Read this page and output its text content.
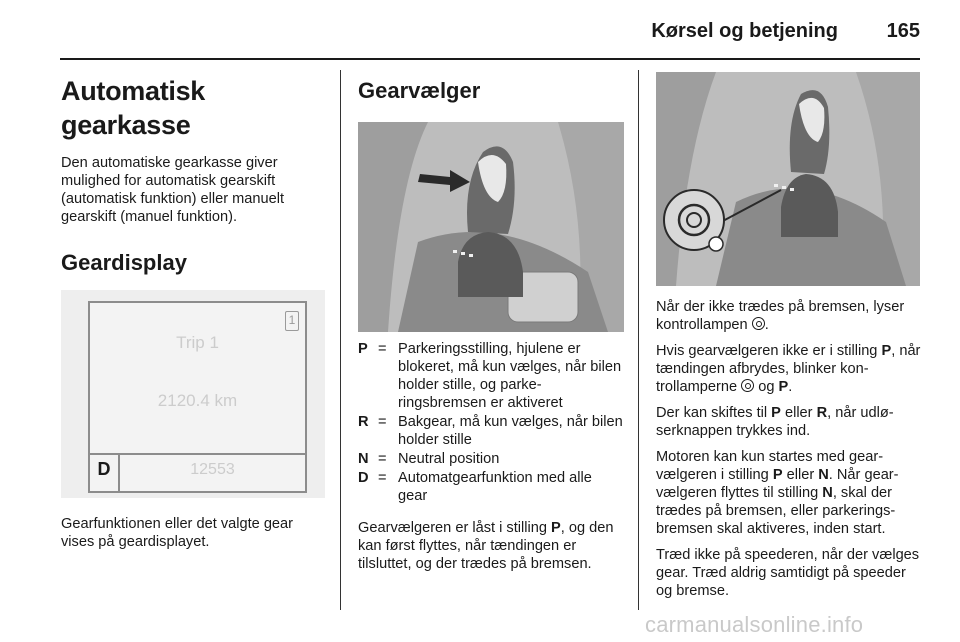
Kørsel og betjening 165
Automatisk gearkasse

Den automatiske gearkasse giver mulighed for automatisk gearskift (automatisk funktion) eller manuelt gearskift (manuel funktion).

Geardisplay
1
Trip 1
2120.4 km
D	12553

Gearfunktionen eller det valgte gear vises på geardisplayet.

Gearvælger
P = Parkeringsstilling, hjulene er blokeret, må kun vælges, når bilen holder stille, og parkeringsbremsen er aktiveret
R = Bakgear, må kun vælges, når bilen holder stille
N = Neutral position
D = Automatgearfunktion med alle gear

Gearvælgeren er låst i stilling P, og den kan først flyttes, når tændingen er tilsluttet, og der trædes på bremsen.

Når der ikke trædes på bremsen, lyser kontrollampen .

Hvis gearvælgeren ikke er i stilling P, når tændingen afbrydes, blinker kontrollamperne  og P.

Der kan skiftes til P eller R, når udløserknappen trykkes ind.

Motoren kan kun startes med gearvælgeren i stilling P eller N. Når gearvælgeren flyttes til stilling N, skal der trædes på bremsen, eller parkeringsbremsen skal aktiveres, inden start.

Træd ikke på speederen, når der vælges gear. Træd aldrig samtidigt på speeder og bremse.

carmanualsonline.info
